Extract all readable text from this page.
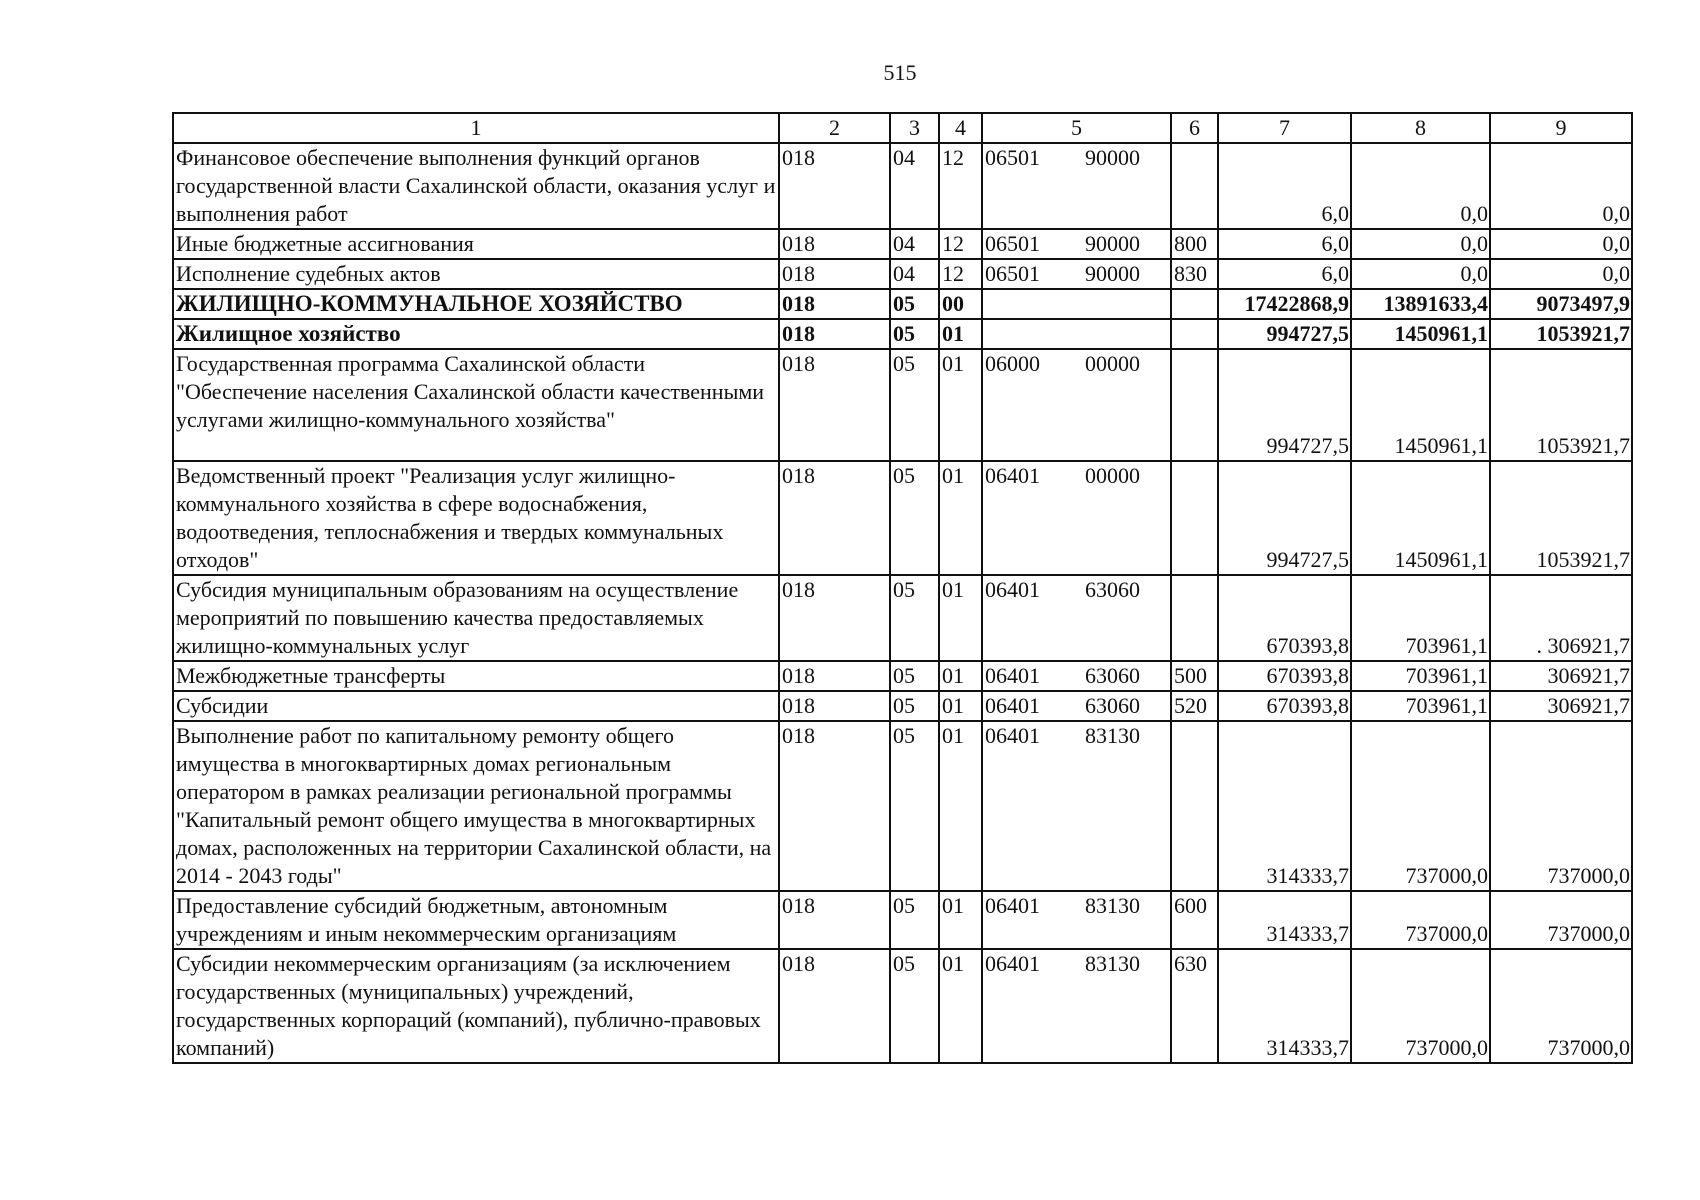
515
1	2	3	4	5	6	7	8	9
Финансовое обеспечение выполнения функций органов государственной власти Сахалинской области, оказания услуг и выполнения работ	018	04	12	06501 90000		6,0	0,0	0,0
Иные бюджетные ассигнования	018	04	12	06501 90000	800	6,0	0,0	0,0
Исполнение судебных актов	018	04	12	06501 90000	830	6,0	0,0	0,0
ЖИЛИЩНО-КОММУНАЛЬНОЕ ХОЗЯЙСТВО	018	05	00			17422868,9	13891633,4	9073497,9
Жилищное хозяйство	018	05	01			994727,5	1450961,1	1053921,7
Государственная программа Сахалинской области "Обеспечение населения Сахалинской области качественными услугами жилищно-коммунального хозяйства"	018	05	01	06000 00000		994727,5	1450961,1	1053921,7
Ведомственный проект "Реализация услуг жилищно-коммунального хозяйства в сфере водоснабжения, водоотведения, теплоснабжения и твердых коммунальных отходов"	018	05	01	06401 00000		994727,5	1450961,1	1053921,7
Субсидия муниципальным образованиям на осуществление мероприятий по повышению качества предоставляемых жилищно-коммунальных услуг	018	05	01	06401 63060		670393,8	703961,1	. 306921,7
Межбюджетные трансферты	018	05	01	06401 63060	500	670393,8	703961,1	306921,7
Субсидии	018	05	01	06401 63060	520	670393,8	703961,1	306921,7
Выполнение работ по капитальному ремонту общего имущества в многоквартирных домах региональным оператором в рамках реализации региональной программы "Капитальный ремонт общего имущества в многоквартирных домах, расположенных на территории Сахалинской области, на 2014 - 2043 годы"	018	05	01	06401 83130		314333,7	737000,0	737000,0
Предоставление субсидий бюджетным, автономным учреждениям и иным некоммерческим организациям	018	05	01	06401 83130	600	314333,7	737000,0	737000,0
Субсидии некоммерческим организациям (за исключением государственных (муниципальных) учреждений, государственных корпораций (компаний), публично-правовых компаний)	018	05	01	06401 83130	630	314333,7	737000,0	737000,0
